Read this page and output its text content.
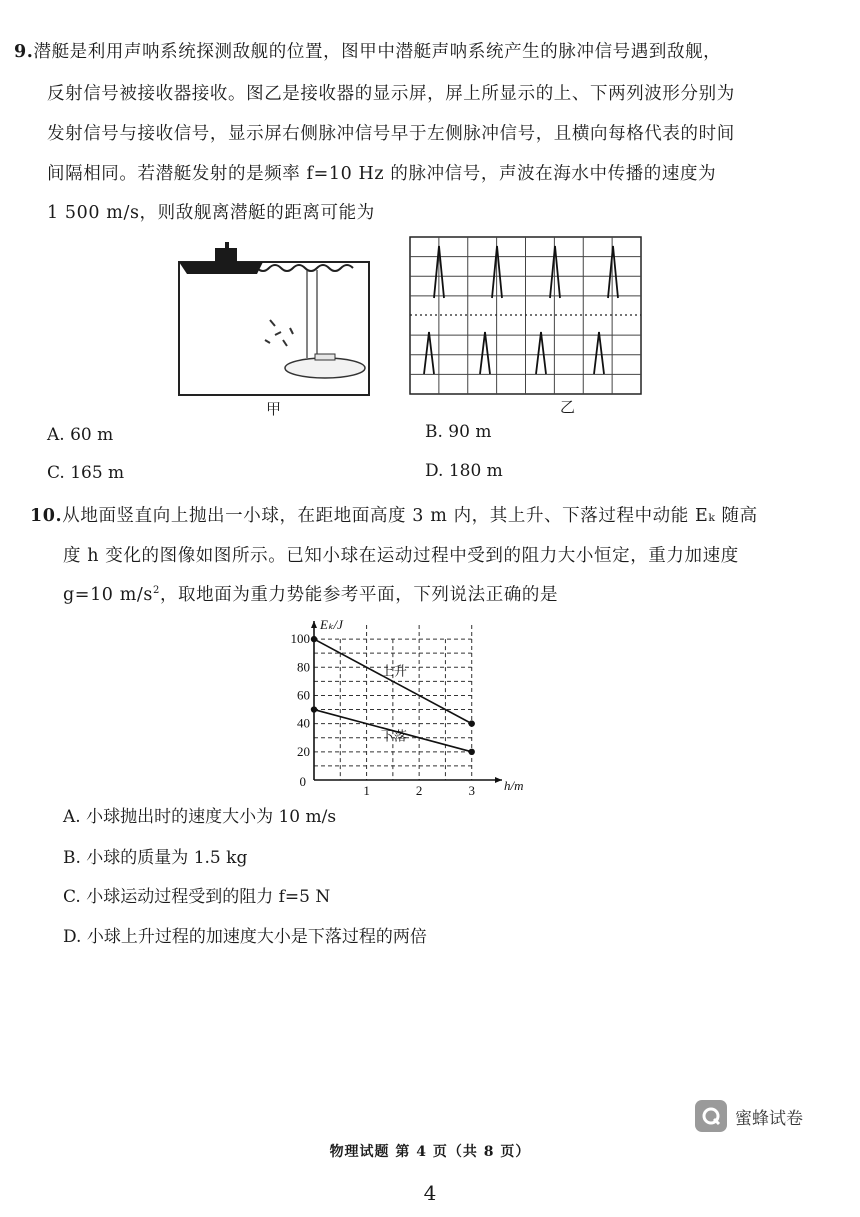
9.潜艇是利用声呐系统探测敌舰的位置，图甲中潜艇声呐系统产生的脉冲信号遇到敌舰，
反射信号被接收器接收。图乙是接收器的显示屏，屏上所显示的上、下两列波形分别为
发射信号与接收信号，显示屏右侧脉冲信号早于左侧脉冲信号，且横向每格代表的时间
间隔相同。若潜艇发射的是频率 f=10 Hz 的脉冲信号，声波在海水中传播的速度为
1 500 m/s，则敌舰离潜艇的距离可能为
甲	乙
A. 60 m	B. 90 m
C. 165 m	D. 180 m
10.从地面竖直向上抛出一小球，在距地面高度 3 m 内，其上升、下落过程中动能 Eₖ 随高
度 h 变化的图像如图所示。已知小球在运动过程中受到的阻力大小恒定，重力加速度
g=10 $m/s^2$，取地面为重力势能参考平面，下列说法正确的是
20
40
60
80
100
1	2	3
0
Eₖ/J
h/m
上升
下落
A. 小球抛出时的速度大小为 10 m/s
B. 小球的质量为 1.5 kg
C. 小球运动过程受到的阻力 f=5 N
D. 小球上升过程的加速度大小是下落过程的两倍
蜜蜂试卷
物理试题 第 4 页（共 8 页）
4
